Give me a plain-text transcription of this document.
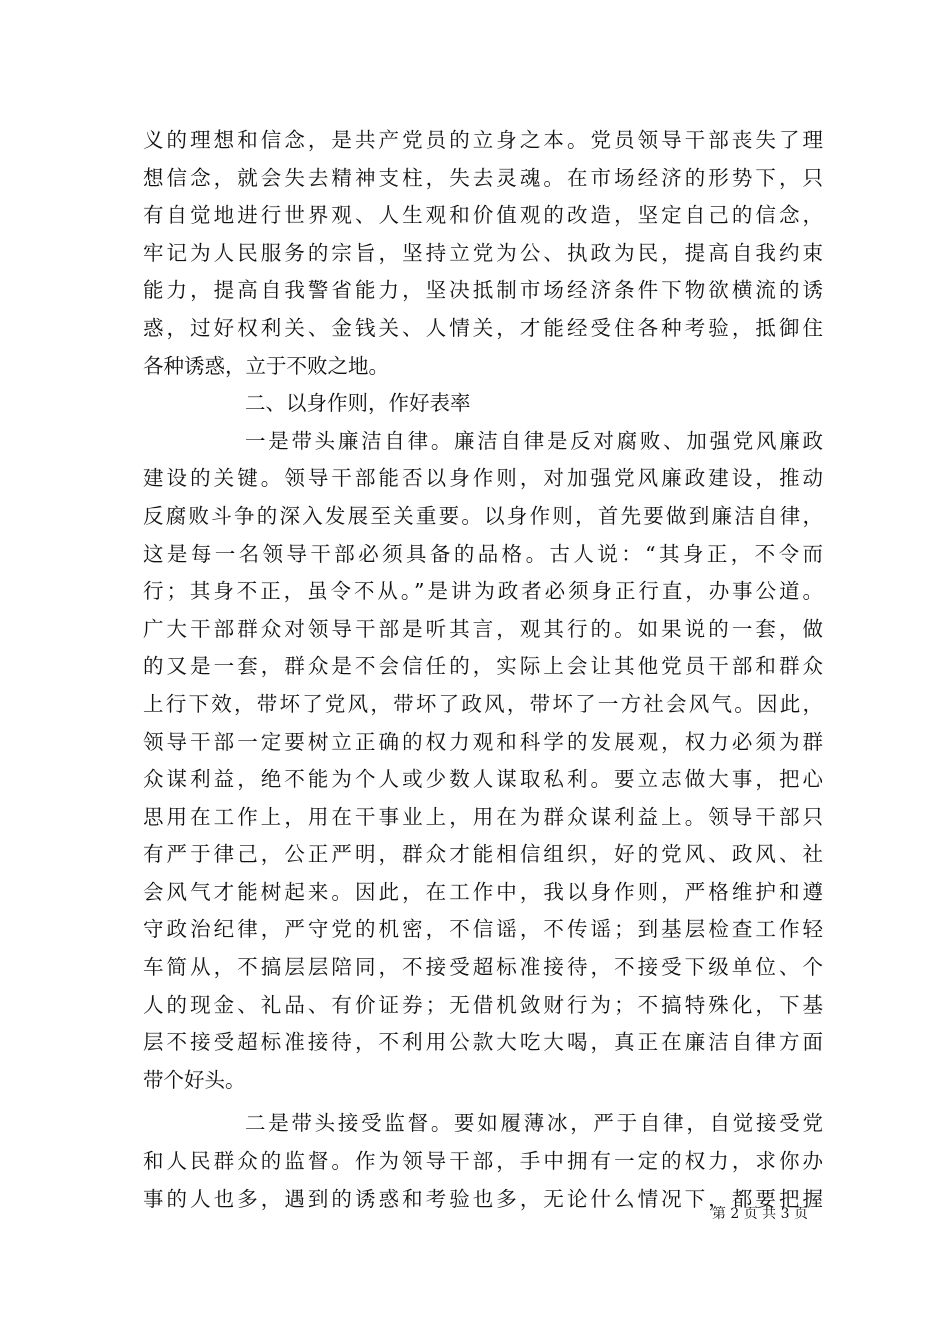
义的理想和信念，是共产党员的立身之本。党员领导干部丧失了理
想信念，就会失去精神支柱，失去灵魂。在市场经济的形势下，只
有自觉地进行世界观、人生观和价值观的改造，坚定自己的信念，
牢记为人民服务的宗旨，坚持立党为公、执政为民，提高自我约束
能力，提高自我警省能力，坚决抵制市场经济条件下物欲横流的诱
惑，过好权利关、金钱关、人情关，才能经受住各种考验，抵御住
各种诱惑，立于不败之地。
二、以身作则，作好表率
一是带头廉洁自律。廉洁自律是反对腐败、加强党风廉政
建设的关键。领导干部能否以身作则，对加强党风廉政建设，推动
反腐败斗争的深入发展至关重要。以身作则，首先要做到廉洁自律，
这是每一名领导干部必须具备的品格。古人说：“其身正，不令而
行；其身不正，虽令不从。”是讲为政者必须身正行直，办事公道。
广大干部群众对领导干部是听其言，观其行的。如果说的一套，做
的又是一套，群众是不会信任的，实际上会让其他党员干部和群众
上行下效，带坏了党风，带坏了政风，带坏了一方社会风气。因此，
领导干部一定要树立正确的权力观和科学的发展观，权力必须为群
众谋利益，绝不能为个人或少数人谋取私利。要立志做大事，把心
思用在工作上，用在干事业上，用在为群众谋利益上。领导干部只
有严于律己，公正严明，群众才能相信组织，好的党风、政风、社
会风气才能树起来。因此，在工作中，我以身作则，严格维护和遵
守政治纪律，严守党的机密，不信谣，不传谣；到基层检查工作轻
车简从，不搞层层陪同，不接受超标准接待，不接受下级单位、个
人的现金、礼品、有价证券；无借机敛财行为；不搞特殊化，下基
层不接受超标准接待，不利用公款大吃大喝，真正在廉洁自律方面
带个好头。
二是带头接受监督。要如履薄冰，严于自律，自觉接受党
和人民群众的监督。作为领导干部，手中拥有一定的权力，求你办
事的人也多，遇到的诱惑和考验也多，无论什么情况下，都要把握
第 2 页 共 3 页
